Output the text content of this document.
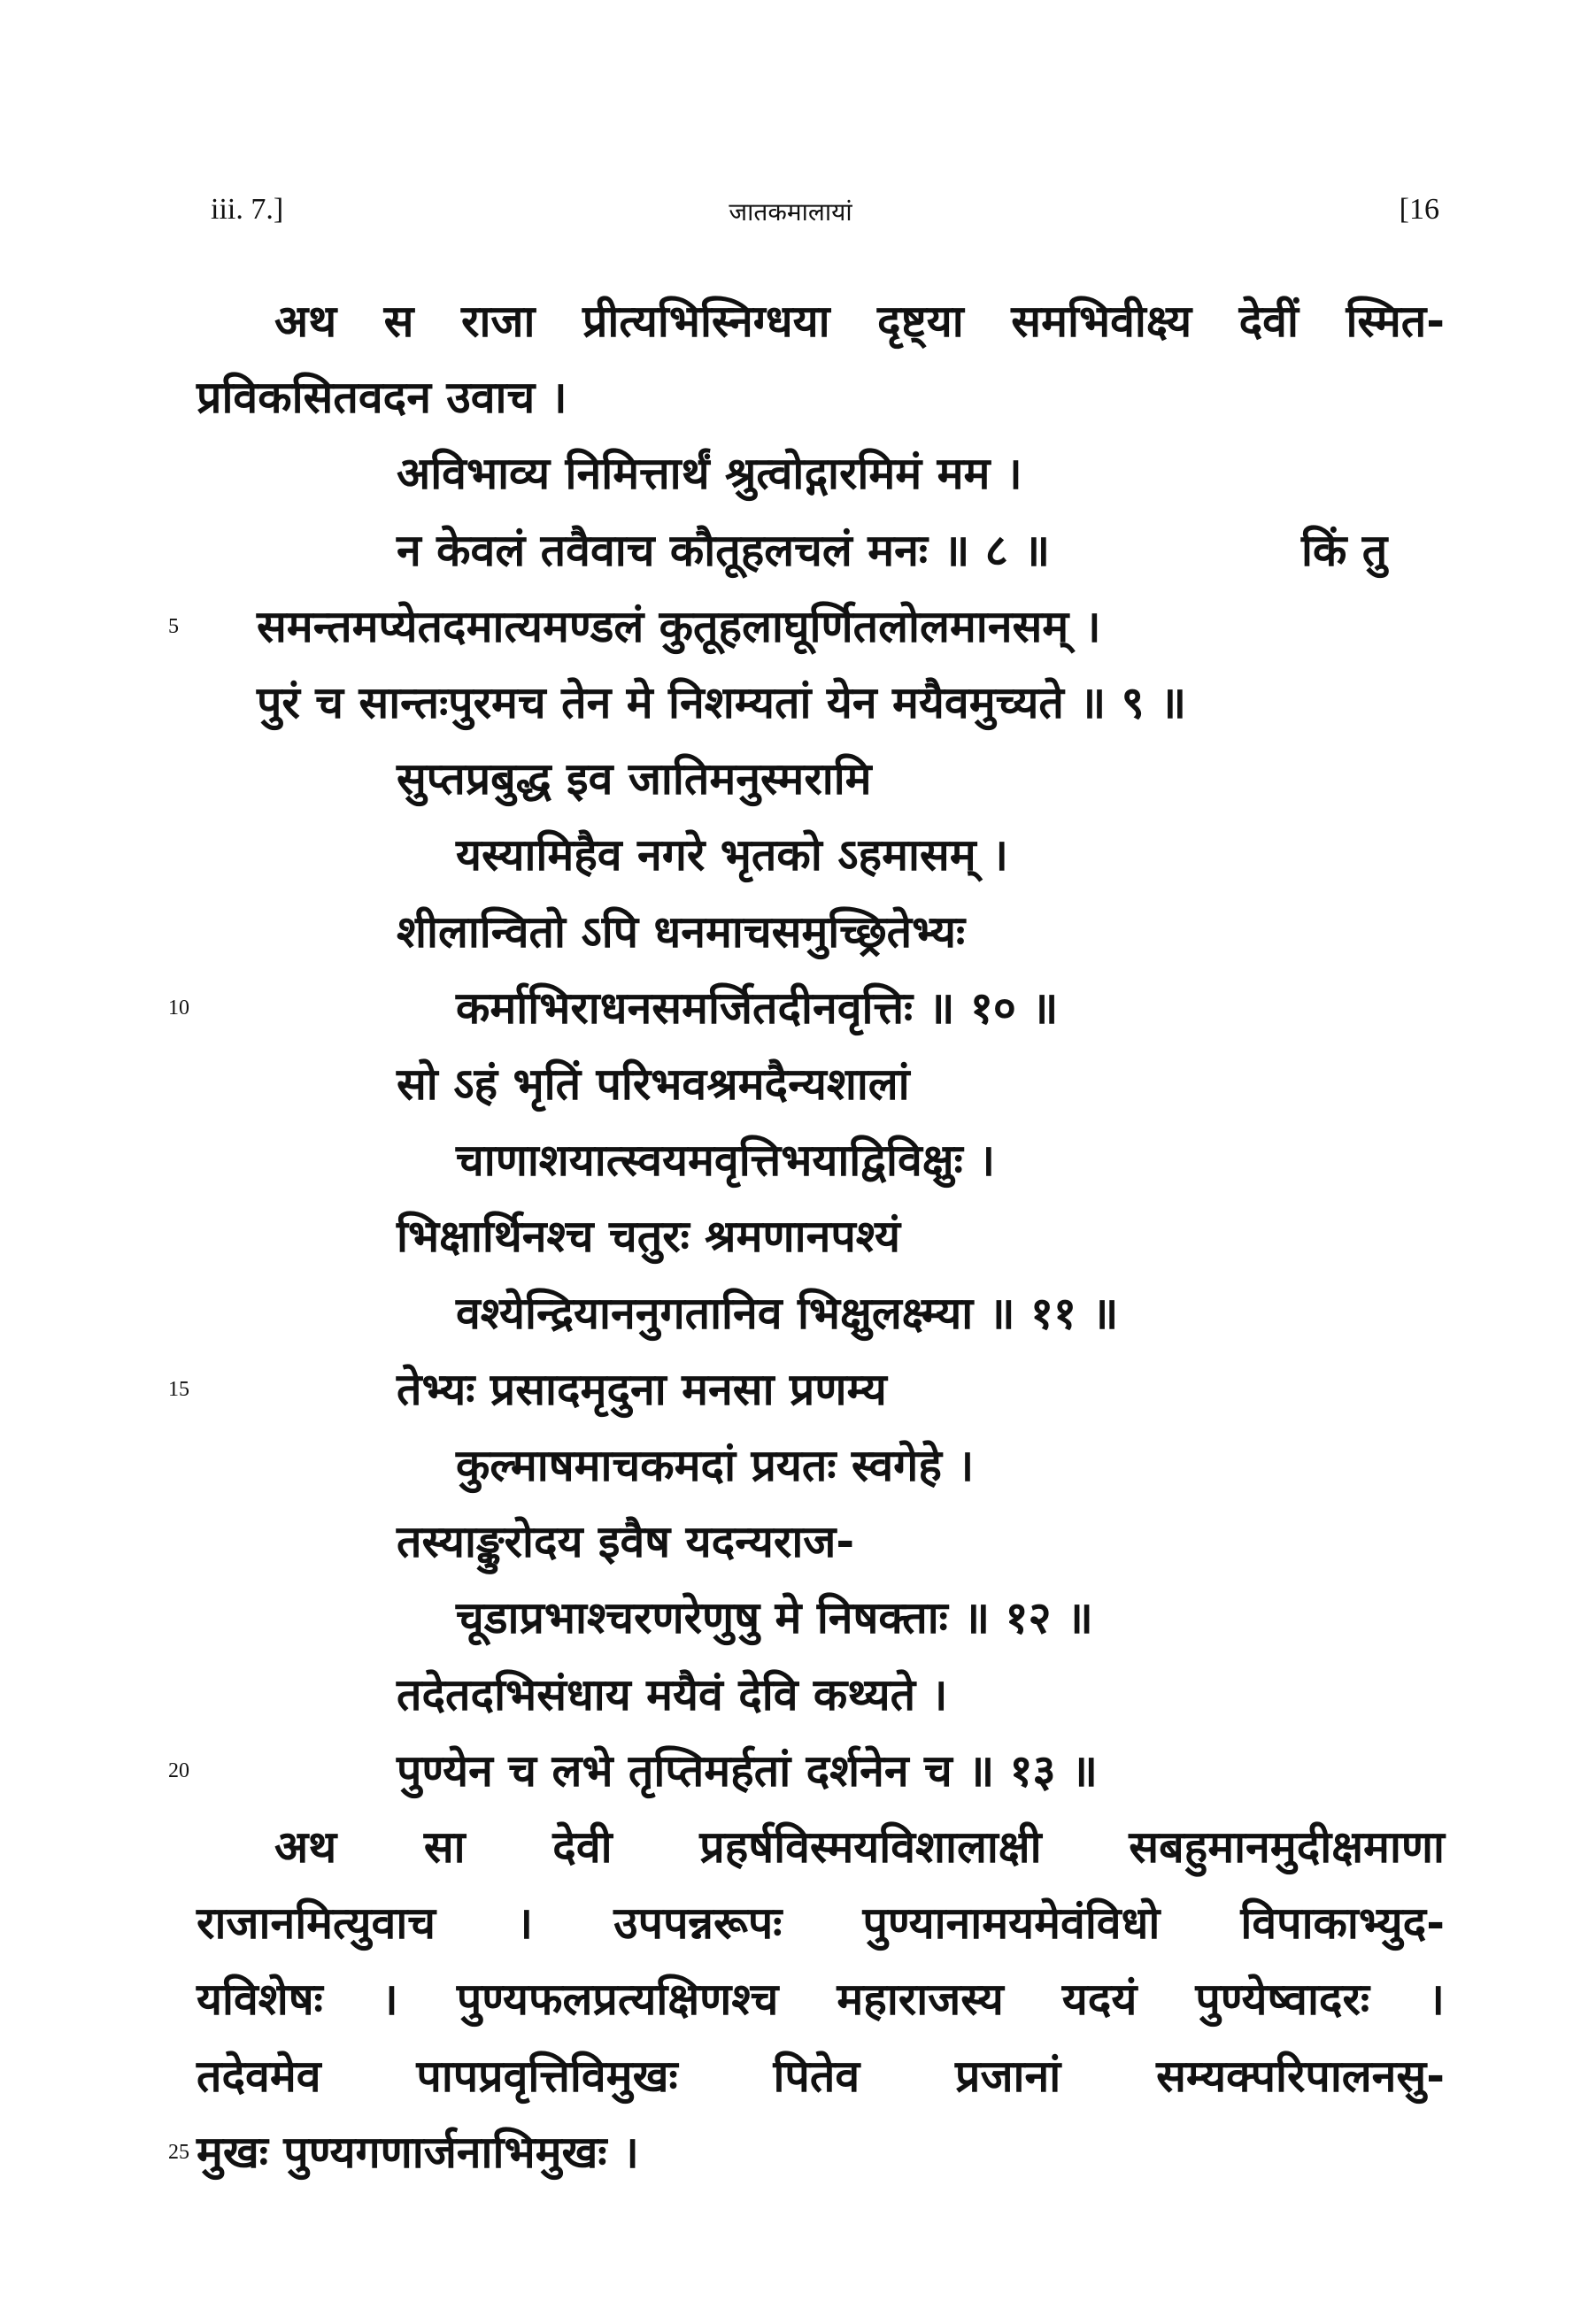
iii. 7.]	जातकमालायां	[16
अथ स राजा प्रीत्यभिस्निग्धया दृष्ट्या समभिवीक्ष्य देवीं स्मित-
प्रविकसितवदन उवाच ।
अविभाव्य निमित्तार्थं श्रुत्वोद्गारमिमं मम ।
न केवलं तवैवाच कौतूहलचलं मनः ॥ ८ ॥	किं तु
समन्तमप्येतदमात्यमण्डलं कुतूहलाघूर्णितलोलमानसम् ।
5
पुरं च सान्तःपुरमच तेन मे निशम्यतां येन मयैवमुच्यते ॥ ९ ॥
सुप्तप्रबुद्ध इव जातिमनुस्मरामि
यस्यामिहैव नगरे भृतको ऽहमासम् ।
शीलान्वितो ऽपि धनमाचसमुच्छ्रितेभ्यः
कर्माभिराधनसमर्जितदीनवृत्तिः ॥ १० ॥
10
सो ऽहं भृतिं परिभवश्रमदैन्यशालां
चाणाशयात्स्वयमवृत्तिभयाद्विविक्षुः ।
भिक्षार्थिनश्च चतुरः श्रमणानपश्यं
वश्येन्द्रियाननुगतानिव भिक्षुलक्ष्म्या ॥ ११ ॥
तेभ्यः प्रसादमृदुना मनसा प्रणम्य
15
कुल्माषमाचकमदां प्रयतः स्वगेहे ।
तस्याङ्कुरोदय इवैष यदन्यराज-
चूडाप्रभाश्चरणरेणुषु मे निषक्ताः ॥ १२ ॥
तदेतदभिसंधाय मयैवं देवि कथ्यते ।
पुण्येन च लभे तृप्तिमर्हतां दर्शनेन च ॥ १३ ॥
20
अथ सा देवी प्रहर्षविस्मयविशालाक्षी सबहुमानमुदीक्षमाणा
राजानमित्युवाच । उपपन्नरूपः पुण्यानामयमेवंविधो विपाकाभ्युद-
यविशेषः । पुण्यफलप्रत्यक्षिणश्च महाराजस्य यदयं पुण्येष्वादरः ।
तदेवमेव पापप्रवृत्तिविमुखः पितेव प्रजानां सम्यक्परिपालनसु-
मुखः पुण्यगणार्जनाभिमुखः ।
25
